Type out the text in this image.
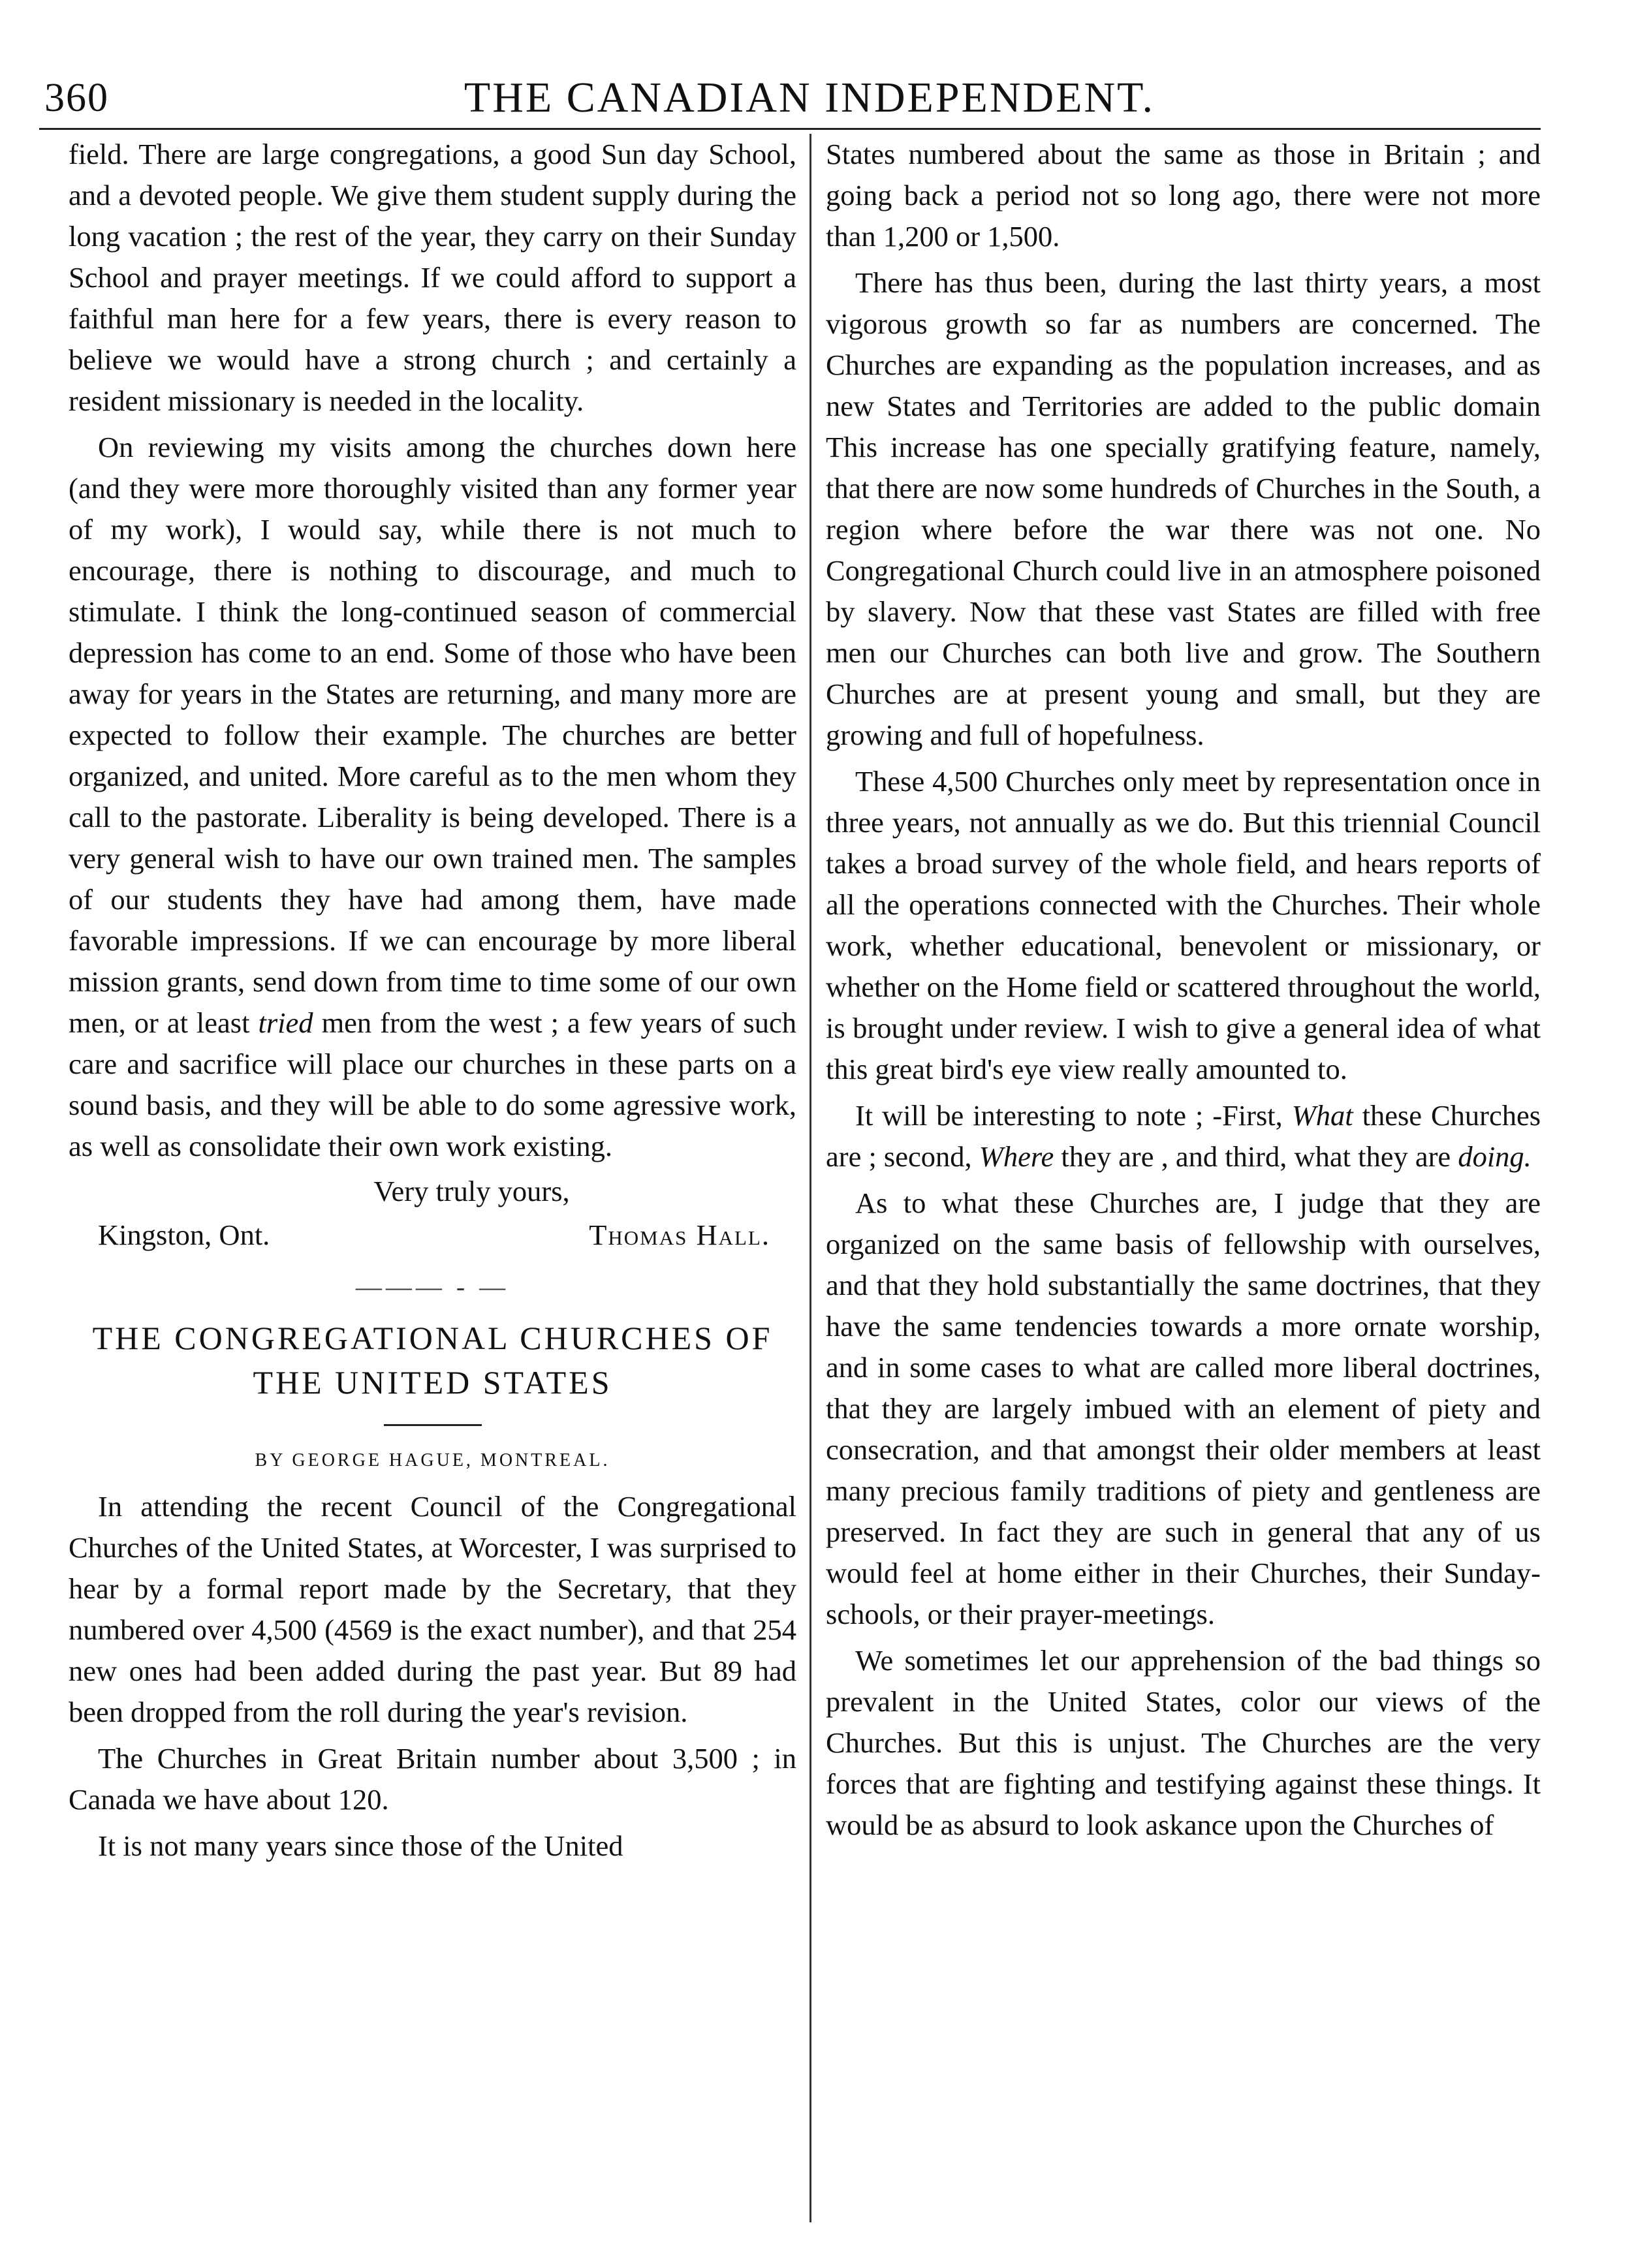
360	THE CANADIAN INDEPENDENT.

field. There are large congregations, a good Sun day School, and a devoted people. We give them student supply during the long vacation ; the rest of the year, they carry on their Sunday School and prayer meetings. If we could afford to support a faithful man here for a few years, there is every reason to believe we would have a strong church ; and certainly a resident missionary is needed in the locality.

On reviewing my visits among the churches down here (and they were more thoroughly visited than any former year of my work), I would say, while there is not much to encourage, there is nothing to discourage, and much to stimulate. I think the long-continued season of commercial depression has come to an end. Some of those who have been away for years in the States are returning, and many more are expected to follow their example. The churches are better organized, and united. More careful as to the men whom they call to the pastorate. Liberality is being developed. There is a very general wish to have our own trained men. The samples of our students they have had among them, have made favorable impressions. If we can encourage by more liberal mission grants, send down from time to time some of our own men, or at least tried men from the west ; a few years of such care and sacrifice will place our churches in these parts on a sound basis, and they will be able to do some agressive work, as well as consolidate their own work existing.

Very truly yours,
Kingston, Ont.	Thomas Hall.
——— - —
THE CONGREGATIONAL CHURCHES OF
THE UNITED STATES
BY GEORGE HAGUE, MONTREAL.

In attending the recent Council of the Congregational Churches of the United States, at Worcester, I was surprised to hear by a formal report made by the Secretary, that they numbered over 4,500 (4569 is the exact number), and that 254 new ones had been added during the past year. But 89 had been dropped from the roll during the year's revision.

The Churches in Great Britain number about 3,500 ; in Canada we have about 120.

It is not many years since those of the United

States numbered about the same as those in Britain ; and going back a period not so long ago, there were not more than 1,200 or 1,500.

There has thus been, during the last thirty years, a most vigorous growth so far as numbers are concerned. The Churches are expanding as the population increases, and as new States and Territories are added to the public domain This increase has one specially gratifying feature, namely, that there are now some hundreds of Churches in the South, a region where before the war there was not one. No Congregational Church could live in an atmosphere poisoned by slavery. Now that these vast States are filled with free men our Churches can both live and grow. The Southern Churches are at present young and small, but they are growing and full of hopefulness.

These 4,500 Churches only meet by representation once in three years, not annually as we do. But this triennial Council takes a broad survey of the whole field, and hears reports of all the operations connected with the Churches. Their whole work, whether educational, benevolent or missionary, or whether on the Home field or scattered throughout the world, is brought under review. I wish to give a general idea of what this great bird's eye view really amounted to.

It will be interesting to note ; -First, What these Churches are ; second, Where they are , and third, what they are doing.

As to what these Churches are, I judge that they are organized on the same basis of fellowship with ourselves, and that they hold substantially the same doctrines, that they have the same tendencies towards a more ornate worship, and in some cases to what are called more liberal doctrines, that they are largely imbued with an element of piety and consecration, and that amongst their older members at least many precious family traditions of piety and gentleness are preserved. In fact they are such in general that any of us would feel at home either in their Churches, their Sunday-schools, or their prayer-meetings.

We sometimes let our apprehension of the bad things so prevalent in the United States, color our views of the Churches. But this is unjust. The Churches are the very forces that are fighting and testifying against these things. It would be as absurd to look askance upon the Churches of
